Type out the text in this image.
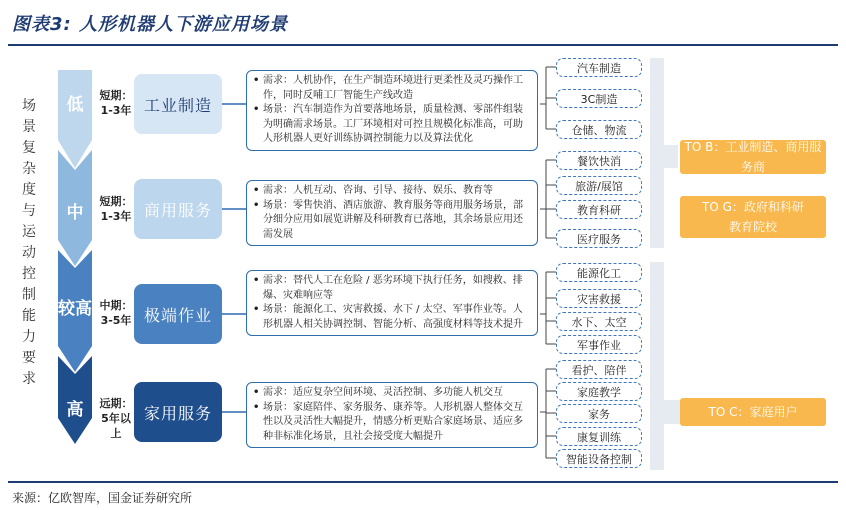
图表3: 人形机器人下游应用场景
场
景
复
杂
度
与
运
动
控
制
能
力
要
求
低	短期：1-3年 工业制造
• 需求：人机协作，在生产制造环境进行更柔性及灵巧操作工作，同时反哺工厂智能生产线改造
• 场景：汽车制造作为首要落地场景，质量检测、零部件组装为明确需求场景。工厂环境相对可控且规模化标准高，可助人形机器人更好训练协调控制能力以及算法优化
汽车制造
3C制造
仓储、物流
中
短期：1-3年 商用服务
• 需求：人机互动、咨询、引导、接待、娱乐、教育等
• 场景：零售快消、酒店旅游、教育服务等商用服务场景，部分细分应用如展览讲解及科研教育已落地，其余场景应用还需发展
餐饮快消
旅游/展馆
教育科研
医疗服务
较高 中期：3-5年 极端作业
• 需求：替代人工在危险 / 恶劣环境下执行任务，如搜救、排爆、灾难响应等
• 场景：能源化工、灾害救援、水下 / 太空、军事作业等。人形机器人相关协调控制、智能分析、高强度材料等技术提升
能源化工
灾害救援
水下、太空
军事作业
高	远期：5年以上
家用服务
• 需求：适应复杂空间环境、灵活控制、多功能人机交互
• 场景：家庭陪伴、家务服务、康养等。人形机器人整体交互性以及灵活性大幅提升，情感分析更贴合家庭场景、适应多种非标准化场景，且社会接受度大幅提升
看护、陪伴
家庭教学
家务
康复训练
智能设备控制
TO B：工业制造、商用服务商
TO G：政府和科研教育院校
TO C：家庭用户
来源：亿欧智库，国金证券研究所
